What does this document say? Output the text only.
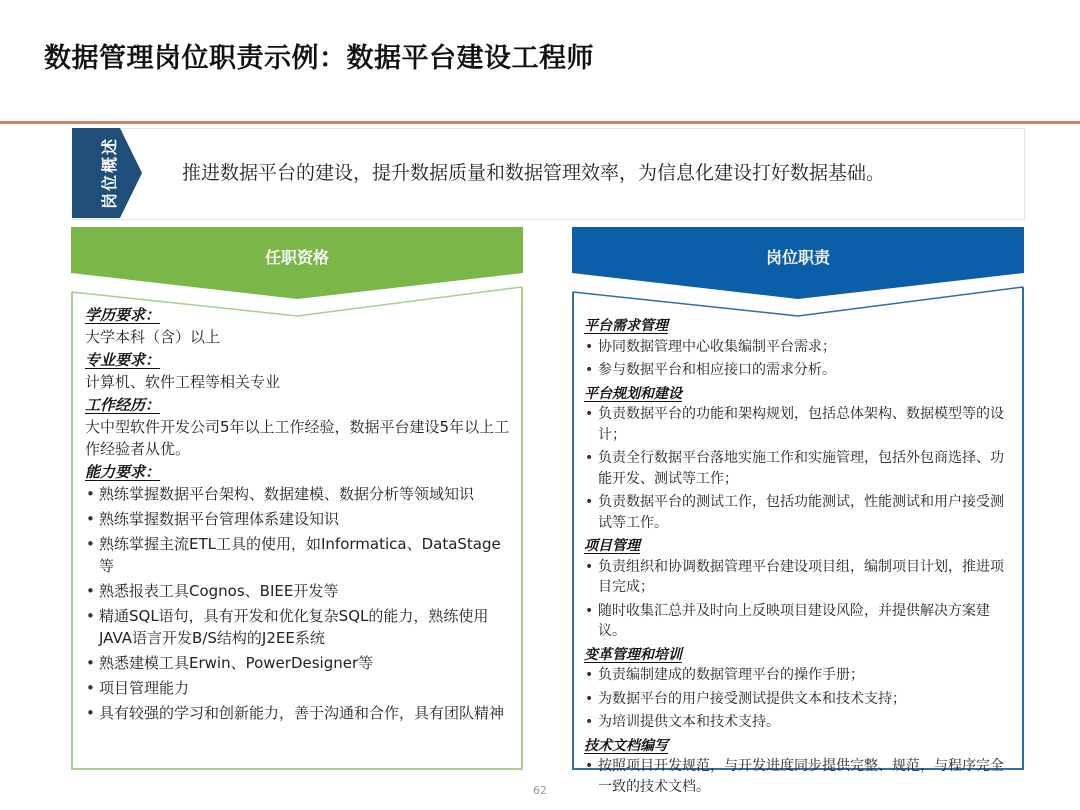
数据管理岗位职责示例：数据平台建设工程师
岗位概述	推进数据平台的建设，提升数据质量和数据管理效率，为信息化建设打好数据基础。
任职资格

学历要求：

大学本科（含）以上

专业要求：

计算机、软件工程等相关专业

工作经历：

大中型软件开发公司5年以上工作经验，数据平台建设5年以上工作经验者从优。

能力要求：

• 熟练掌握数据平台架构、数据建模、数据分析等领域知识
• 熟练掌握数据平台管理体系建设知识
• 熟练掌握主流ETL工具的使用，如Informatica、DataStage等
• 熟悉报表工具Cognos、BIEE开发等
• 精通SQL语句，具有开发和优化复杂SQL的能力，熟练使用JAVA语言开发B/S结构的J2EE系统
• 熟悉建模工具Erwin、PowerDesigner等
• 项目管理能力
• 具有较强的学习和创新能力，善于沟通和合作，具有团队精神
岗位职责

平台需求管理

• 协同数据管理中心收集编制平台需求；
• 参与数据平台和相应接口的需求分析。

平台规划和建设

• 负责数据平台的功能和架构规划，包括总体架构、数据模型等的设计；
• 负责全行数据平台落地实施工作和实施管理，包括外包商选择、功能开发、测试等工作；
• 负责数据平台的测试工作，包括功能测试，性能测试和用户接受测试等工作。

项目管理

• 负责组织和协调数据管理平台建设项目组，编制项目计划，推进项目完成；
• 随时收集汇总并及时向上反映项目建设风险，并提供解决方案建议。

变革管理和培训

• 负责编制建成的数据管理平台的操作手册；
• 为数据平台的用户接受测试提供文本和技术支持；
• 为培训提供文本和技术支持。

技术文档编写

• 按照项目开发规范，与开发进度同步提供完整、规范，与程序完全一致的技术文档。
62
